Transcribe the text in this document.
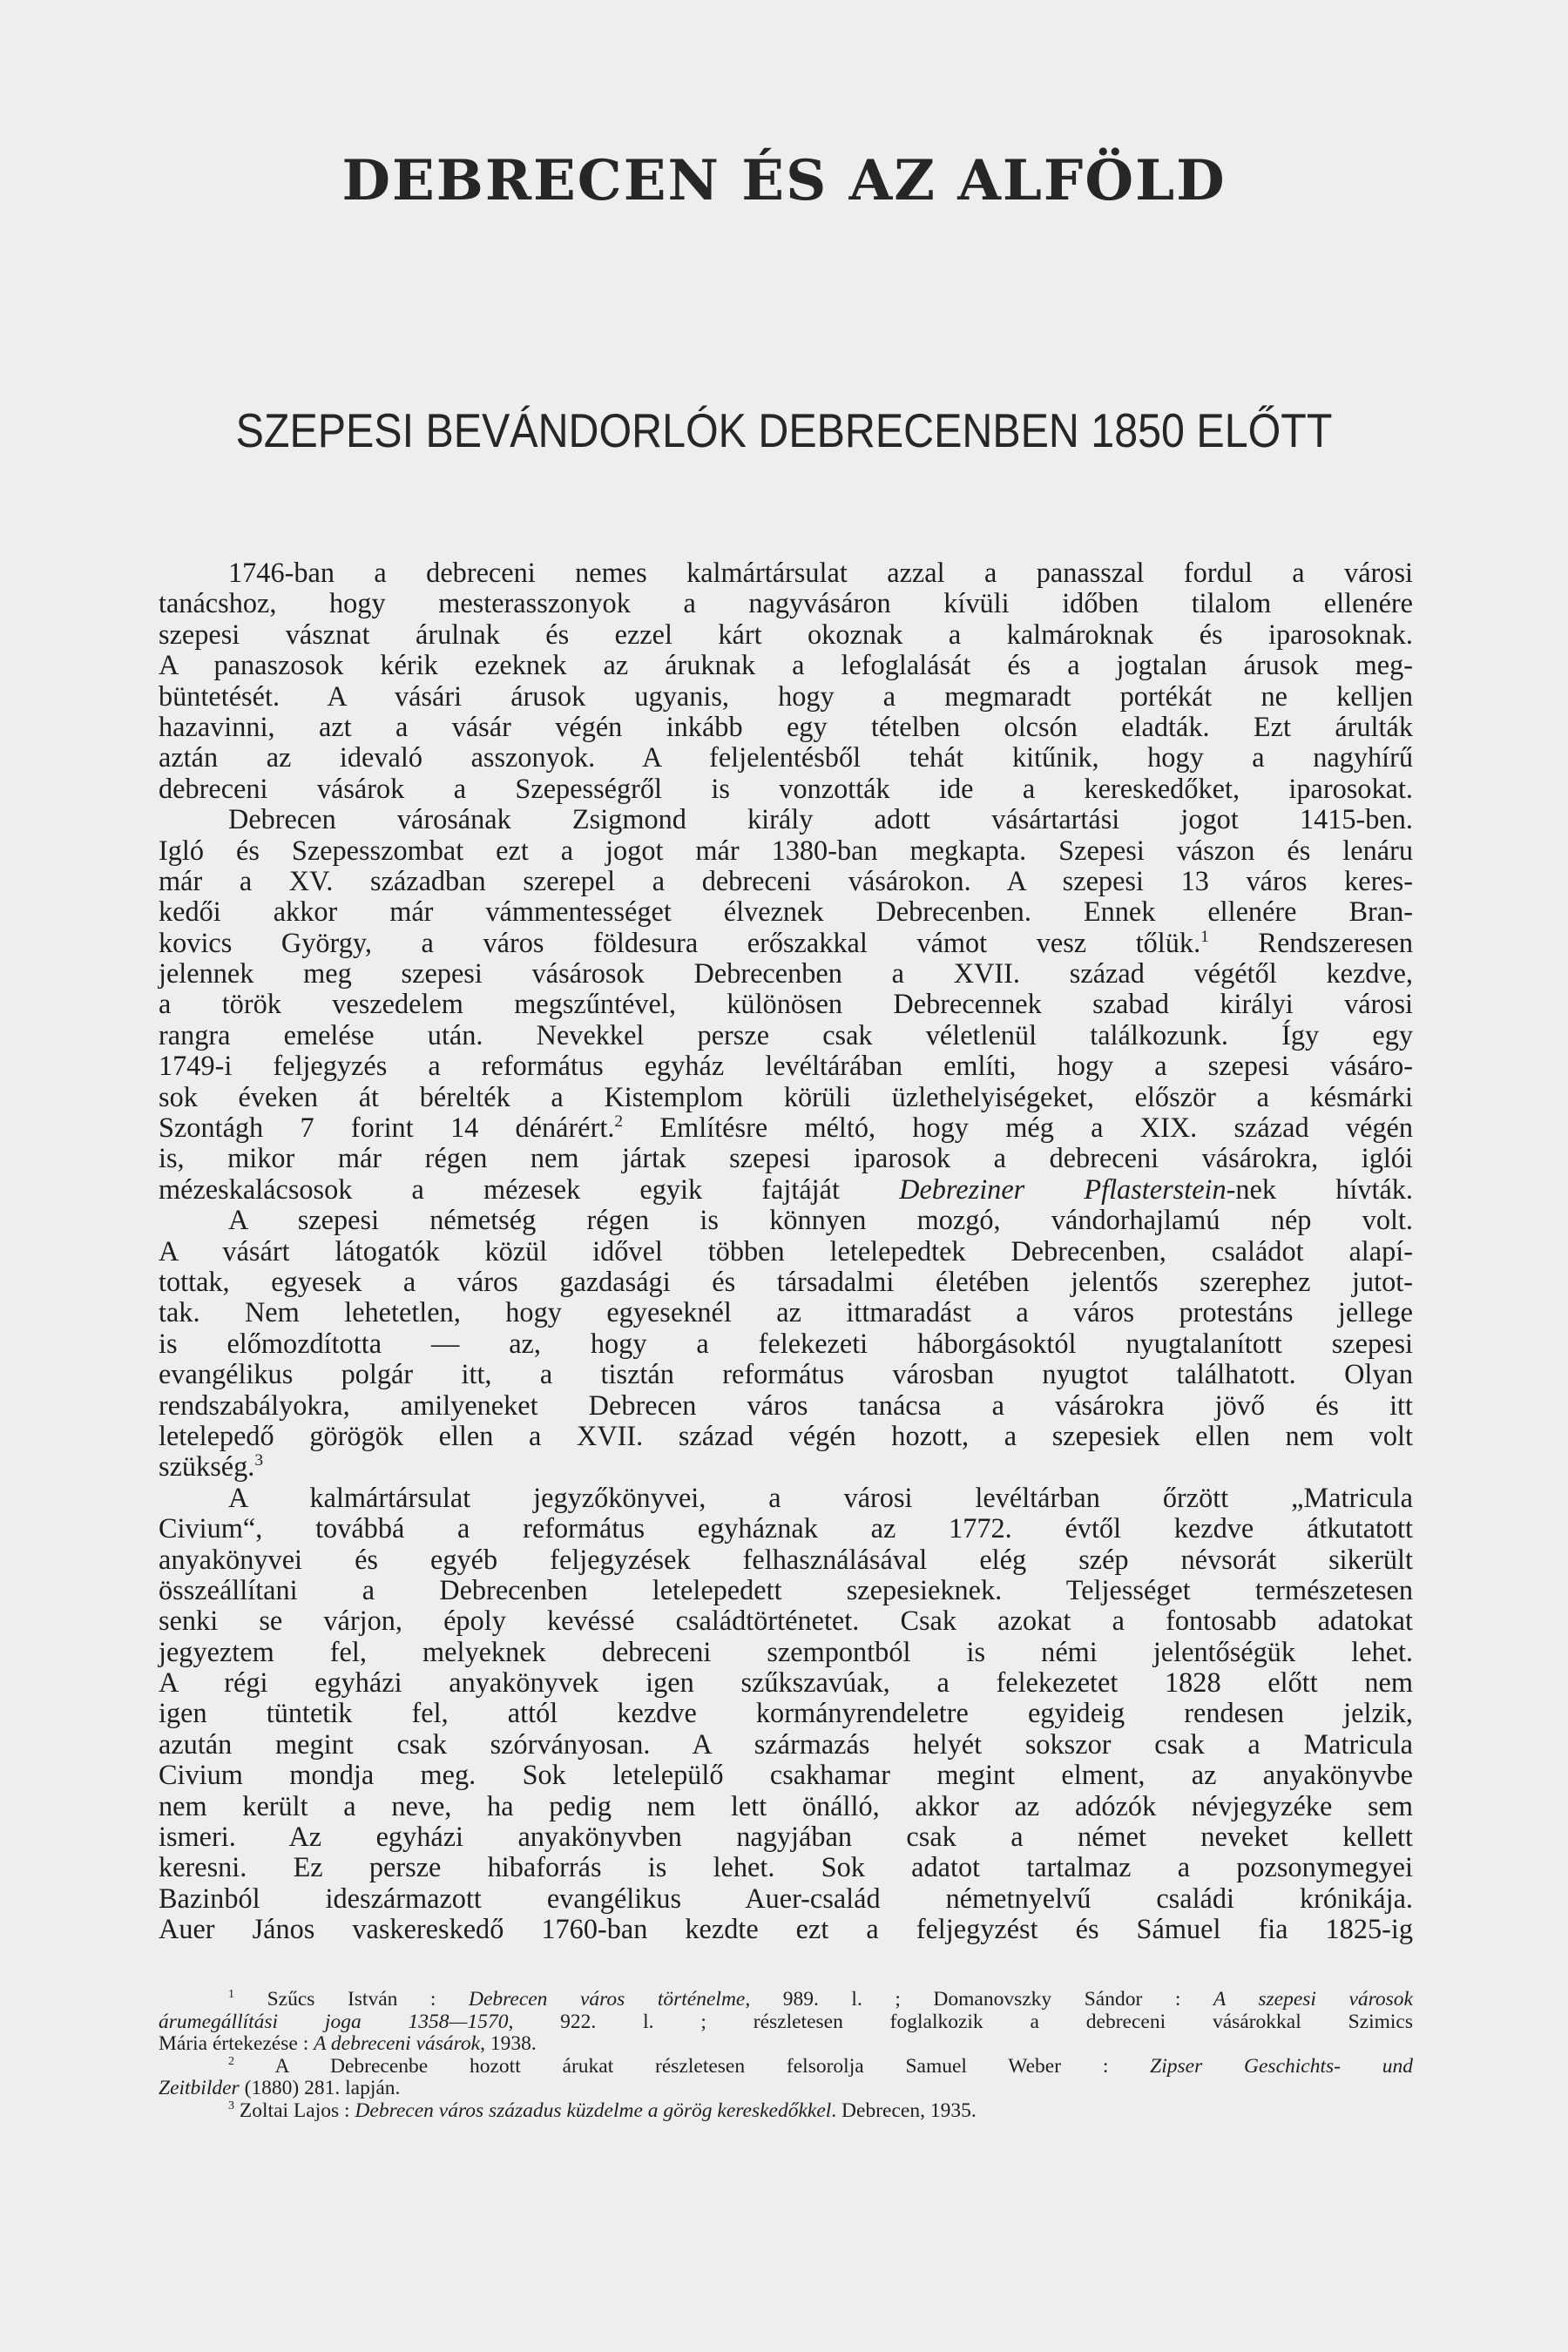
DEBRECEN ÉS AZ ALFÖLD
SZEPESI BEVÁNDORLÓK DEBRECENBEN 1850 ELŐTT
1746-ban a debreceni nemes kalmártársulat azzal a panasszal fordul a városi
tanácshoz, hogy mesterasszonyok a nagyvásáron kívüli időben tilalom ellenére
szepesi vásznat árulnak és ezzel kárt okoznak a kalmároknak és iparosoknak.
A panaszosok kérik ezeknek az áruknak a lefoglalását és a jogtalan árusok meg-
büntetését. A vásári árusok ugyanis, hogy a megmaradt portékát ne kelljen
hazavinni, azt a vásár végén inkább egy tételben olcsón eladták. Ezt árulták
aztán az idevaló asszonyok. A feljelentésből tehát kitűnik, hogy a nagyhírű
debreceni vásárok a Szepességről is vonzották ide a kereskedőket, iparosokat.
Debrecen városának Zsigmond király adott vásártartási jogot 1415-ben.
Igló és Szepesszombat ezt a jogot már 1380-ban megkapta. Szepesi vászon és lenáru
már a XV. században szerepel a debreceni vásárokon. A szepesi 13 város keres-
kedői akkor már vámmentességet élveznek Debrecenben. Ennek ellenére Bran-
kovics György, a város földesura erőszakkal vámot vesz tőlük.$^1$ Rendszeresen
jelennek meg szepesi vásárosok Debrecenben a XVII. század végétől kezdve,
a török veszedelem megszűntével, különösen Debrecennek szabad királyi városi
rangra emelése után. Nevekkel persze csak véletlenül találkozunk. Így egy
1749-i feljegyzés a református egyház levéltárában említi, hogy a szepesi vásáro-
sok éveken át bérelték a Kistemplom körüli üzlethelyiségeket, először a késmárki
Szontágh 7 forint 14 dénárért.$^2$ Említésre méltó, hogy még a XIX. század végén
is, mikor már régen nem jártak szepesi iparosok a debreceni vásárokra, iglói
mézeskalácsosok a mézesek egyik fajtáját Debreziner Pflasterstein-nek hívták.
A szepesi németség régen is könnyen mozgó, vándorhajlamú nép volt.
A vásárt látogatók közül idővel többen letelepedtek Debrecenben, családot alapí-
tottak, egyesek a város gazdasági és társadalmi életében jelentős szerephez jutot-
tak. Nem lehetetlen, hogy egyeseknél az ittmaradást a város protestáns jellege
is előmozdította — az, hogy a felekezeti háborgásoktól nyugtalanított szepesi
evangélikus polgár itt, a tisztán református városban nyugtot találhatott. Olyan
rendszabályokra, amilyeneket Debrecen város tanácsa a vásárokra jövő és itt
letelepedő görögök ellen a XVII. század végén hozott, a szepesiek ellen nem volt
szükség.$^3$
A kalmártársulat jegyzőkönyvei, a városi levéltárban őrzött „Matricula
Civium“, továbbá a református egyháznak az 1772. évtől kezdve átkutatott
anyakönyvei és egyéb feljegyzések felhasználásával elég szép névsorát sikerült
összeállítani a Debrecenben letelepedett szepesieknek. Teljességet természetesen
senki se várjon, époly kevéssé családtörténetet. Csak azokat a fontosabb adatokat
jegyeztem fel, melyeknek debreceni szempontból is némi jelentőségük lehet.
A régi egyházi anyakönyvek igen szűkszavúak, a felekezetet 1828 előtt nem
igen tüntetik fel, attól kezdve kormányrendeletre egyideig rendesen jelzik,
azután megint csak szórványosan. A származás helyét sokszor csak a Matricula
Civium mondja meg. Sok letelepülő csakhamar megint elment, az anyakönyvbe
nem került a neve, ha pedig nem lett önálló, akkor az adózók névjegyzéke sem
ismeri. Az egyházi anyakönyvben nagyjában csak a német neveket kellett
keresni. Ez persze hibaforrás is lehet. Sok adatot tartalmaz a pozsonymegyei
Bazinból ideszármazott evangélikus Auer-család németnyelvű családi krónikája.
Auer János vaskereskedő 1760-ban kezdte ezt a feljegyzést és Sámuel fia 1825-ig
$^1$ Szűcs István : Debrecen város történelme, 989. l. ; Domanovszky Sándor : A szepesi városok
árumegállítási joga 1358—1570, 922. l. ; részletesen foglalkozik a debreceni vásárokkal Szimics
Mária értekezése : A debreceni vásárok, 1938.
$^2$ A Debrecenbe hozott árukat részletesen felsorolja Samuel Weber : Zipser Geschichts- und
Zeitbilder (1880) 281. lapján.
$^3$ Zoltai Lajos : Debrecen város századus küzdelme a görög kereskedőkkel. Debrecen, 1935.
